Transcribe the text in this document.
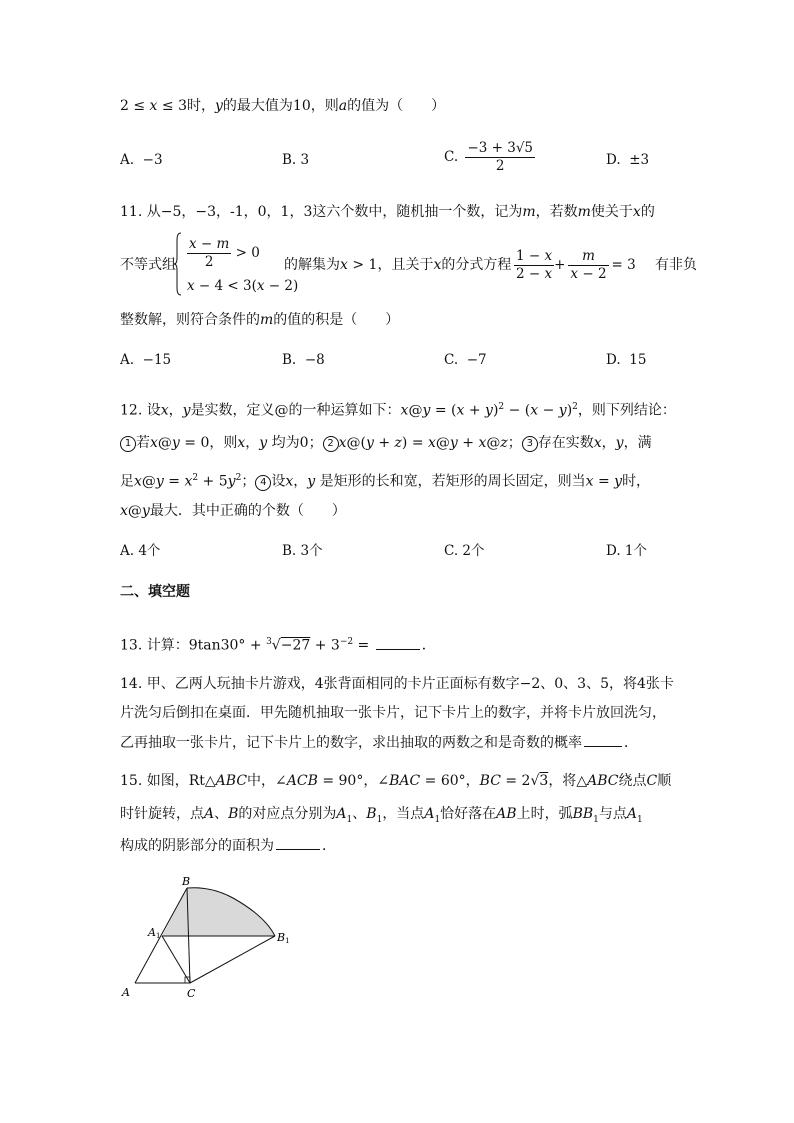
2 ≤ x ≤ 3时，y的最大值为10，则a的值为（　　）
A. −3	B. 3	C. $\frac{-3 + 3√5}{2}$	D. ±3
11. 从−5，−3，-1，0，1，3这六个数中，随机抽一个数，记为m，若数m使关于x的
不等式组 $\frac{x - m}{2} > 0$
x − 4 < 3(x − 2)
的解集为x > 1，且关于x的分式方程 $\frac{1 - x}{2 - x} + \frac{m}{x - 2} = 3$ 有非负
整数解，则符合条件的m的值的积是（　　）
A. −15	B. −8	C. −7	D. 15
12. 设x，y是实数，定义@的一种运算如下：x@y = $(x + y)^2 - (x - y)^2$，则下列结论：
1 若x@y = 0，则x，y 均为0； 2 x@(y + z) = x@y + x@z； 3 存在实数x，y，满
足x@y = $x^2 + 5y^2$； 4 设x，y 是矩形的长和宽，若矩形的周长固定，则当x = y时，
x@y最大．其中正确的个数（　　）
A. 4个	B. 3个	C. 2个	D. 1个
二、填空题
13. 计算：$9\tan 30^\circ + ^3√-27 + 3^{-2}$ =	．
14. 甲、乙两人玩抽卡片游戏，4张背面相同的卡片正面标有数字−2、0、3、5，将4张卡
片洗匀后倒扣在桌面．甲先随机抽取一张卡片，记下卡片上的数字，并将卡片放回洗匀，
乙再抽取一张卡片，记下卡片上的数字，求出抽取的两数之和是奇数的概率	．
15. 如图，Rt△ABC中，∠ACB = 90°，∠BAC = 60°，BC = 2√3，将△ABC绕点C顺
时针旋转，点A、B的对应点分别为$A_1$、$B_1$，当点$A_1$恰好落在AB上时，弧$BB_1$与点$A_1$
构成的阴影部分的面积为	．
B
A1	B1
A	C
